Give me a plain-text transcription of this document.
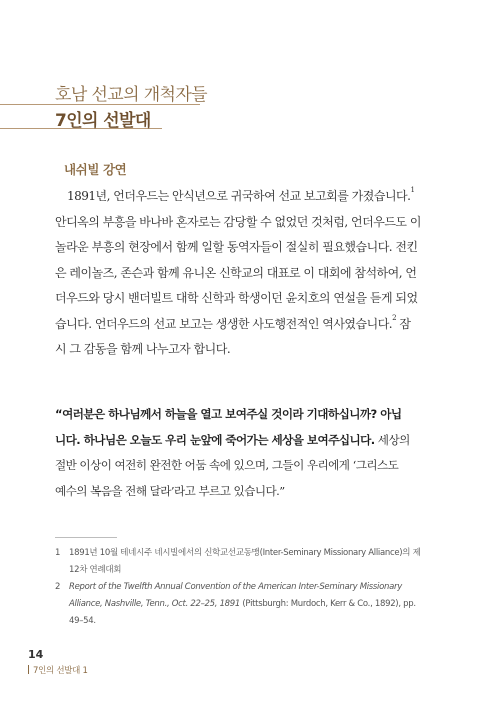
호남 선교의 개척자들
7인의 선발대
내쉬빌 강연
1891년, 언더우드는 안식년으로 귀국하여 선교 보고회를 가졌습니다.$^1$
안디옥의 부흥을 바나바 혼자로는 감당할 수 없었던 것처럼, 언더우드도 이
놀라운 부흥의 현장에서 함께 일할 동역자들이 절실히 필요했습니다. 전킨
은 레이놀즈, 존슨과 함께 유니온 신학교의 대표로 이 대회에 참석하여, 언
더우드와 당시 밴더빌트 대학 신학과 학생이던 윤치호의 연설을 듣게 되었
습니다. 언더우드의 선교 보고는 생생한 사도행전적인 역사였습니다.$^2$ 잠
시 그 감동을 함께 나누고자 합니다.
“여러분은 하나님께서 하늘을 열고 보여주실 것이라 기대하십니까? 아닙
니다. 하나님은 오늘도 우리 눈앞에 죽어가는 세상을 보여주십니다. 세상의
절반 이상이 여전히 완전한 어둠 속에 있으며, 그들이 우리에게 ‘그리스도
예수의 복음을 전해 달라’라고 부르고 있습니다.”
1 1891년 10월 테네시주 네시빌에서의 신학교선교동맹(Inter-Seminary Missionary Alliance)의 제
12차 연례대회
2 Report of the Twelfth Annual Convention of the American Inter-Seminary Missionary
Alliance, Nashville, Tenn., Oct. 22–25, 1891 (Pittsburgh: Murdoch, Kerr & Co., 1892), pp.
49–54.
14
7인의 선발대 1
